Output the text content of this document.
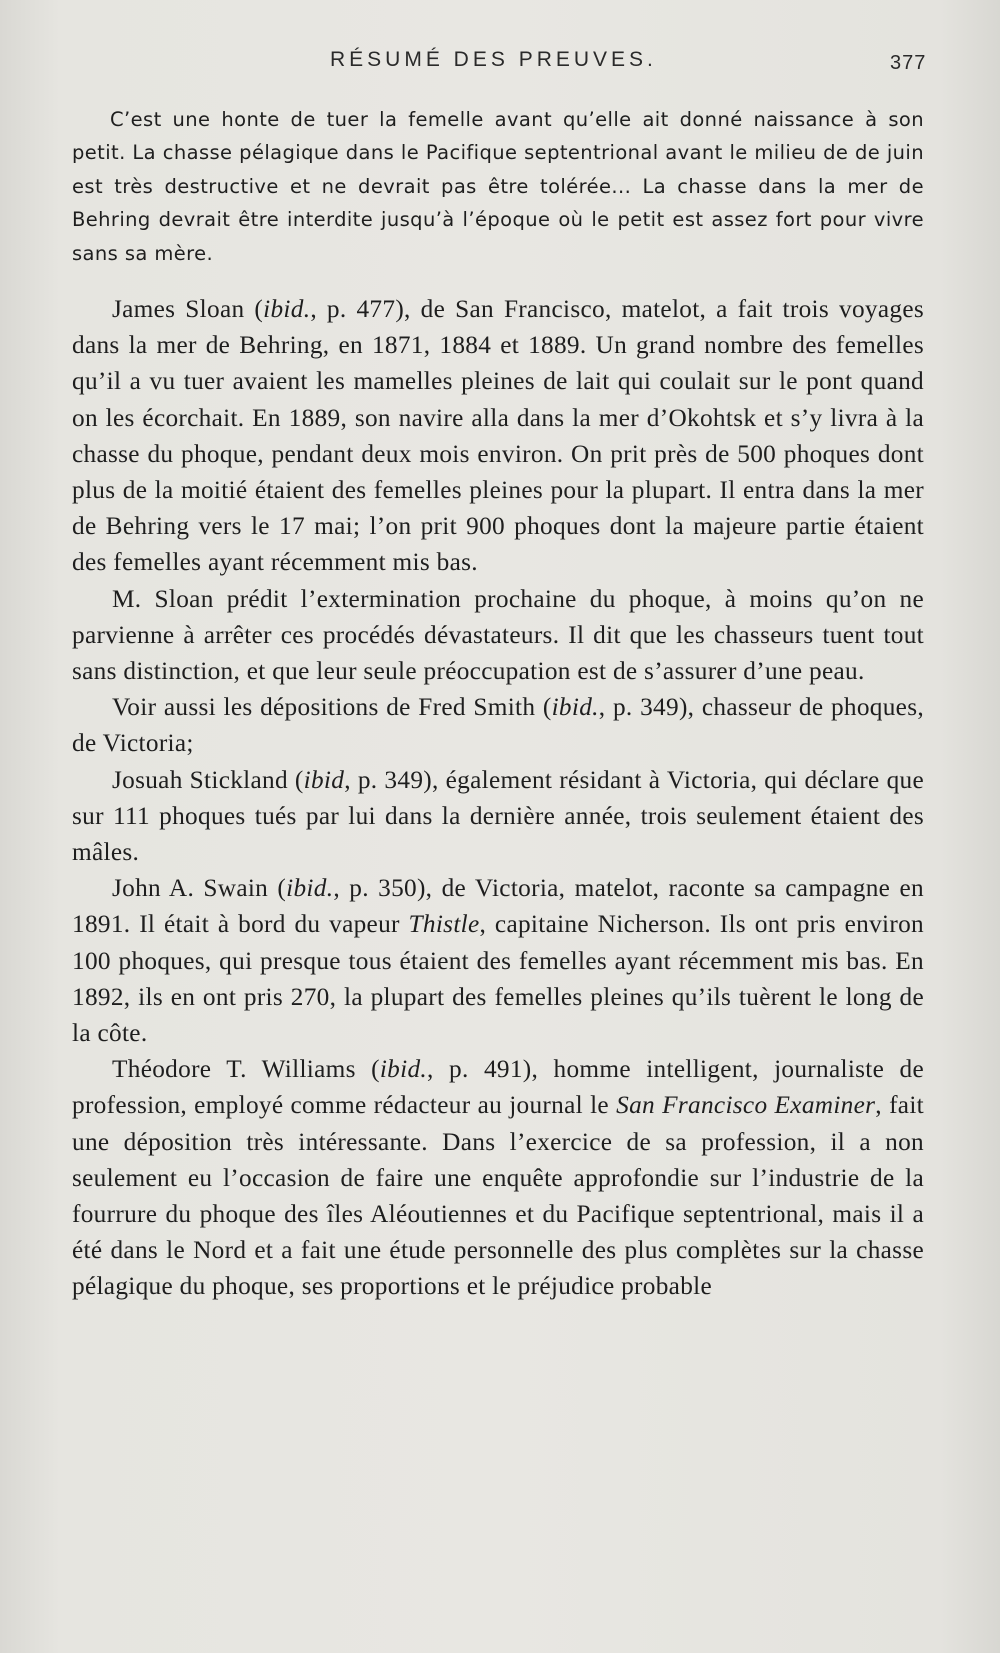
RÉSUMÉ DES PREUVES.	377

C’est une honte de tuer la femelle avant qu’elle ait donné naissance à son petit. La chasse pélagique dans le Pacifique septentrional avant le milieu de de juin est très destructive et ne devrait pas être tolérée... La chasse dans la mer de Behring devrait être interdite jusqu’à l’époque où le petit est assez fort pour vivre sans sa mère.

James Sloan (ibid., p. 477), de San Francisco, matelot, a fait trois voyages dans la mer de Behring, en 1871, 1884 et 1889. Un grand nombre des femelles qu’il a vu tuer avaient les mamelles pleines de lait qui coulait sur le pont quand on les écorchait. En 1889, son navire alla dans la mer d’Okohtsk et s’y livra à la chasse du phoque, pendant deux mois environ. On prit près de 500 phoques dont plus de la moitié étaient des femelles pleines pour la plupart. Il entra dans la mer de Behring vers le 17 mai; l’on prit 900 phoques dont la majeure partie étaient des femelles ayant récemment mis bas.

M. Sloan prédit l’extermination prochaine du phoque, à moins qu’on ne parvienne à arrêter ces procédés dévastateurs. Il dit que les chasseurs tuent tout sans distinction, et que leur seule préoccupation est de s’assurer d’une peau.

Voir aussi les dépositions de Fred Smith (ibid., p. 349), chasseur de phoques, de Victoria;

Josuah Stickland (ibid, p. 349), également résidant à Victoria, qui déclare que sur 111 phoques tués par lui dans la dernière année, trois seulement étaient des mâles.

John A. Swain (ibid., p. 350), de Victoria, matelot, raconte sa campagne en 1891. Il était à bord du vapeur Thistle, capitaine Nicherson. Ils ont pris environ 100 phoques, qui presque tous étaient des femelles ayant récemment mis bas. En 1892, ils en ont pris 270, la plupart des femelles pleines qu’ils tuèrent le long de la côte.

Théodore T. Williams (ibid., p. 491), homme intelligent, journaliste de profession, employé comme rédacteur au journal le San Francisco Examiner, fait une déposition très intéressante. Dans l’exercice de sa profession, il a non seulement eu l’occasion de faire une enquête approfondie sur l’industrie de la fourrure du phoque des îles Aléoutiennes et du Pacifique septentrional, mais il a été dans le Nord et a fait une étude personnelle des plus complètes sur la chasse pélagique du phoque, ses proportions et le préjudice probable
